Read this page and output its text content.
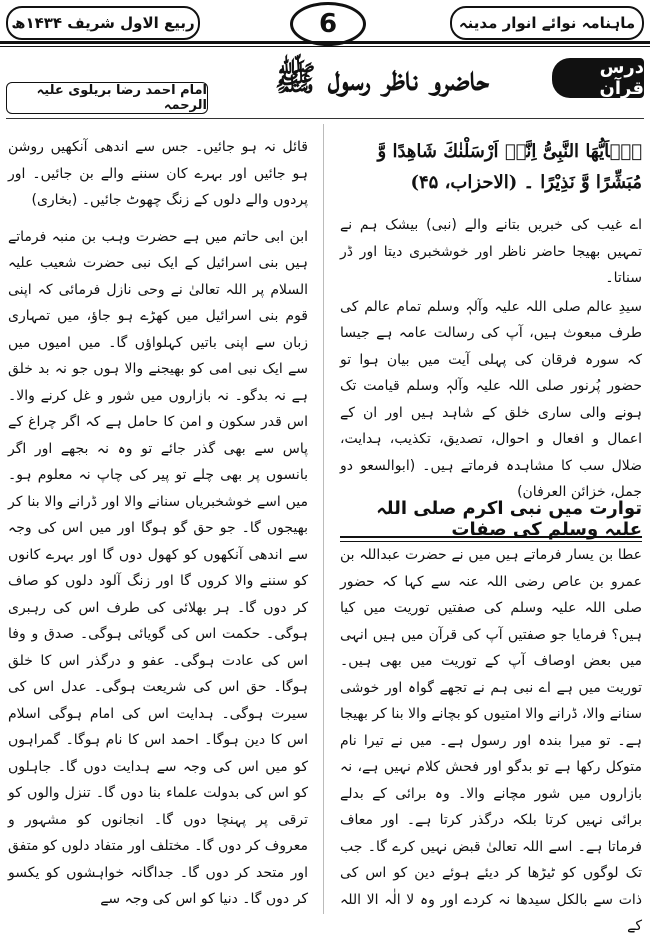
ماہنامہ نوائے انوار مدینہ
6
ربیع الاول شریف ۱۴۳۴ھ
درس قرآن
حاضرو ناظر رسول ﷺ
امام احمد رضا بریلوی علیہ الرحمہ
یٰۤاَیُّهَا النَّبِیُّ اِنَّاۤ اَرْسَلْنٰكَ شَاهِدًا وَّ مُبَشِّرًا وَّ نَذِیْرًا ۔ (الاحزاب، ۴۵)

اے غیب کی خبریں بتانے والے (نبی) بیشک ہم نے تمہیں بھیجا حاضر ناظر اور خوشخبری دیتا اور ڈر سناتا۔

سیدِ عالم صلی اللہ علیہ وآلہٖ وسلم تمام عالم کی طرف مبعوث ہیں، آپ کی رسالت عامہ ہے جیسا کہ سورہ فرقان کی پہلی آیت میں بیان ہوا تو حضور پُرنور صلی اللہ علیہ وآلہٖ وسلم قیامت تک ہونے والی ساری خلق کے شاہد ہیں اور ان کے اعمال و افعال و احوال، تصدیق، تکذیب، ہدایت، ضلال سب کا مشاہدہ فرماتے ہیں۔ (ابوالسعو دو جمل، خزائن العرفان)

توارت میں نبی اکرم صلی اللہ علیہ وسلم کی صفات

عطا بن یسار فرماتے ہیں میں نے حضرت عبداللہ بن عمرو بن عاص رضی اللہ عنہ سے کہا کہ حضور صلی اللہ علیہ وسلم کی صفتیں توریت میں کیا ہیں؟ فرمایا جو صفتیں آپ کی قرآن میں ہیں انہی میں بعض اوصاف آپ کے توریت میں بھی ہیں۔ توریت میں ہے اے نبی ہم نے تجھے گواہ اور خوشی سنانے والا، ڈرانے والا امتیوں کو بچانے والا بنا کر بھیجا ہے۔ تو میرا بندہ اور رسول ہے۔ میں نے تیرا نام متوکل رکھا ہے تو بدگو اور فحش کلام نہیں ہے، نہ بازاروں میں شور مچانے والا۔ وہ برائی کے بدلے برائی نہیں کرتا بلکہ درگذر کرتا ہے۔ اور معاف فرماتا ہے۔ اسے اللہ تعالیٰ قبض نہیں کرے گا۔ جب تک لوگوں کو ٹیڑھا کر دیئے ہوئے دین کو اس کی ذات سے بالکل سیدھا نہ کردے اور وہ لا الٰہ الا اللہ کے

قائل نہ ہو جائیں۔ جس سے اندھی آنکھیں روشن ہو جائیں اور بہرے کان سننے والے بن جائیں۔ اور پردوں والے دلوں کے زنگ چھوٹ جائیں۔ (بخاری)

ابن ابی حاتم میں ہے حضرت وہب بن منبہ فرماتے ہیں بنی اسرائیل کے ایک نبی حضرت شعیب علیہ السلام پر اللہ تعالیٰ نے وحی نازل فرمائی کہ اپنی قوم بنی اسرائیل میں کھڑے ہو جاؤ، میں تمہاری زبان سے اپنی باتیں کہلواؤں گا۔ میں امیوں میں سے ایک نبی امی کو بھیجنے والا ہوں جو نہ بد خلق ہے نہ بدگو۔ نہ بازاروں میں شور و غل کرنے والا۔ اس قدر سکون و امن کا حامل ہے کہ اگر چراغ کے پاس سے بھی گذر جائے تو وہ نہ بجھے اور اگر بانسوں پر بھی چلے تو پیر کی چاپ نہ معلوم ہو۔ میں اسے خوشخبریاں سنانے والا اور ڈرانے والا بنا کر بھیجوں گا۔ جو حق گو ہوگا اور میں اس کی وجہ سے اندھی آنکھوں کو کھول دوں گا اور بہرے کانوں کو سننے والا کروں گا اور زنگ آلود دلوں کو صاف کر دوں گا۔ ہر بھلائی کی طرف اس کی رہبری ہوگی۔ حکمت اس کی گویائی ہوگی۔ صدق و وفا اس کی عادت ہوگی۔ عفو و درگذر اس کا خلق ہوگا۔ حق اس کی شریعت ہوگی۔ عدل اس کی سیرت ہوگی۔ ہدایت اس کی امام ہوگی اسلام اس کا دین ہوگا۔ احمد اس کا نام ہوگا۔ گمراہوں کو میں اس کی وجہ سے ہدایت دوں گا۔ جاہلوں کو اس کی بدولت علماء بنا دوں گا۔ تنزل والوں کو ترقی پر پہنچا دوں گا۔ انجانوں کو مشہور و معروف کر دوں گا۔ مختلف اور متفاد دلوں کو متفق اور متحد کر دوں گا۔ جداگانہ خواہشوں کو یکسو کر دوں گا۔ دنیا کو اس کی وجہ سے
